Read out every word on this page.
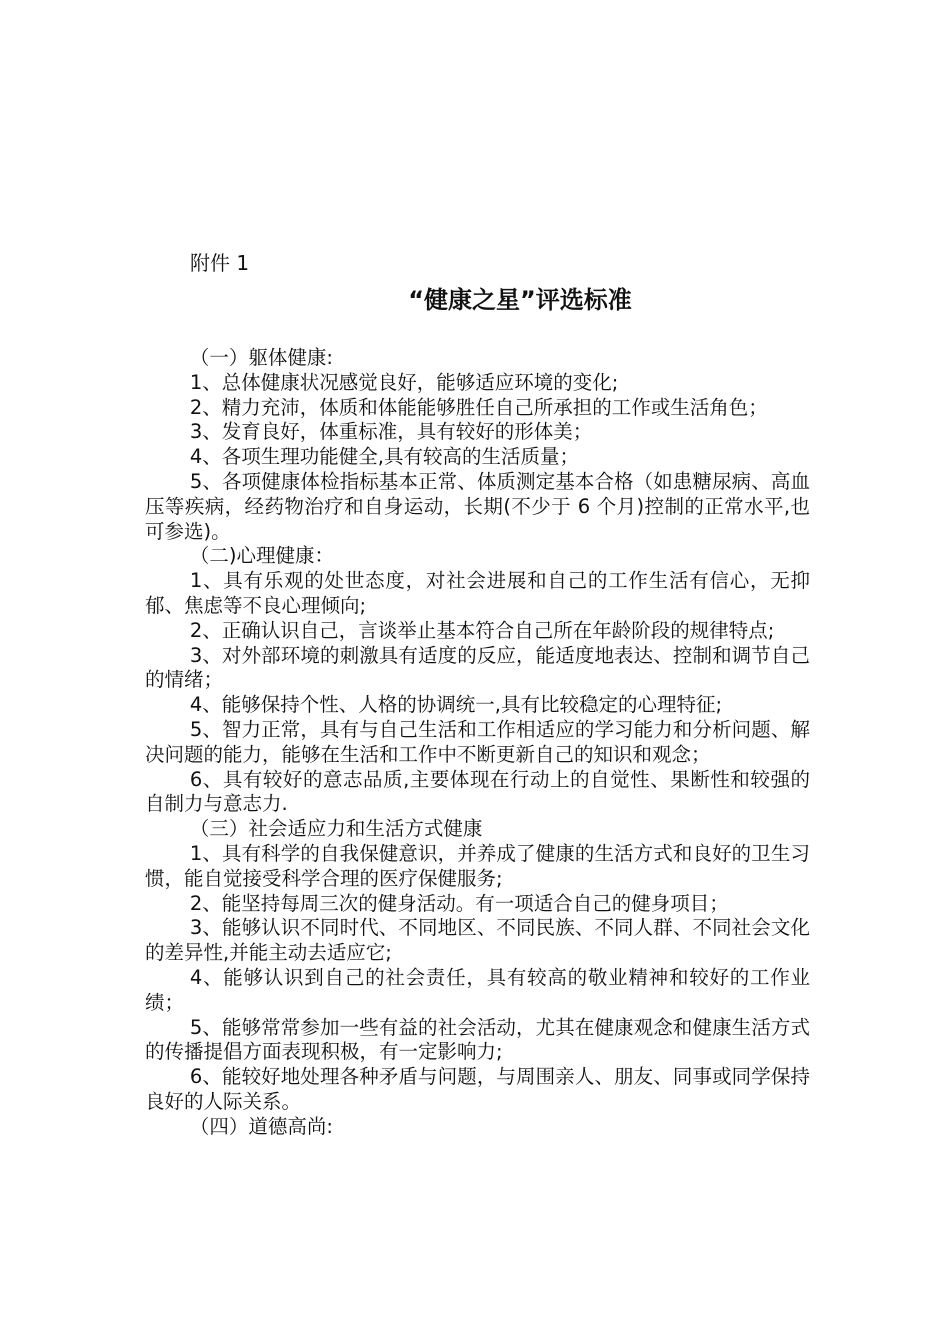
附件 1
“健康之星”评选标准

（一）躯体健康:

1、总体健康状况感觉良好，能够适应环境的变化;

2、精力充沛，体质和体能能够胜任自己所承担的工作或生活角色；

3、发育良好，体重标准，具有较好的形体美；

4、各项生理功能健全,具有较高的生活质量；

5、各项健康体检指标基本正常、体质测定基本合格（如患糖尿病、高血压等疾病，经药物治疗和自身运动，长期(不少于 6 个月)控制的正常水平,也可参选)。

（二)心理健康：

1、具有乐观的处世态度，对社会进展和自己的工作生活有信心，无抑郁、焦虑等不良心理倾向;

2、正确认识自己，言谈举止基本符合自己所在年龄阶段的规律特点;

3、对外部环境的刺激具有适度的反应，能适度地表达、控制和调节自己的情绪；

4、能够保持个性、人格的协调统一,具有比较稳定的心理特征;

5、智力正常，具有与自己生活和工作相适应的学习能力和分析问题、解决问题的能力，能够在生活和工作中不断更新自己的知识和观念；

6、具有较好的意志品质,主要体现在行动上的自觉性、果断性和较强的自制力与意志力.

（三）社会适应力和生活方式健康

1、具有科学的自我保健意识，并养成了健康的生活方式和良好的卫生习惯，能自觉接受科学合理的医疗保健服务;

2、能坚持每周三次的健身活动。有一项适合自己的健身项目；

3、能够认识不同时代、不同地区、不同民族、不同人群、不同社会文化的差异性,并能主动去适应它;

4、能够认识到自己的社会责任，具有较高的敬业精神和较好的工作业绩；

5、能够常常参加一些有益的社会活动，尤其在健康观念和健康生活方式的传播提倡方面表现积极，有一定影响力;

6、能较好地处理各种矛盾与问题，与周围亲人、朋友、同事或同学保持良好的人际关系。

（四）道德高尚:
